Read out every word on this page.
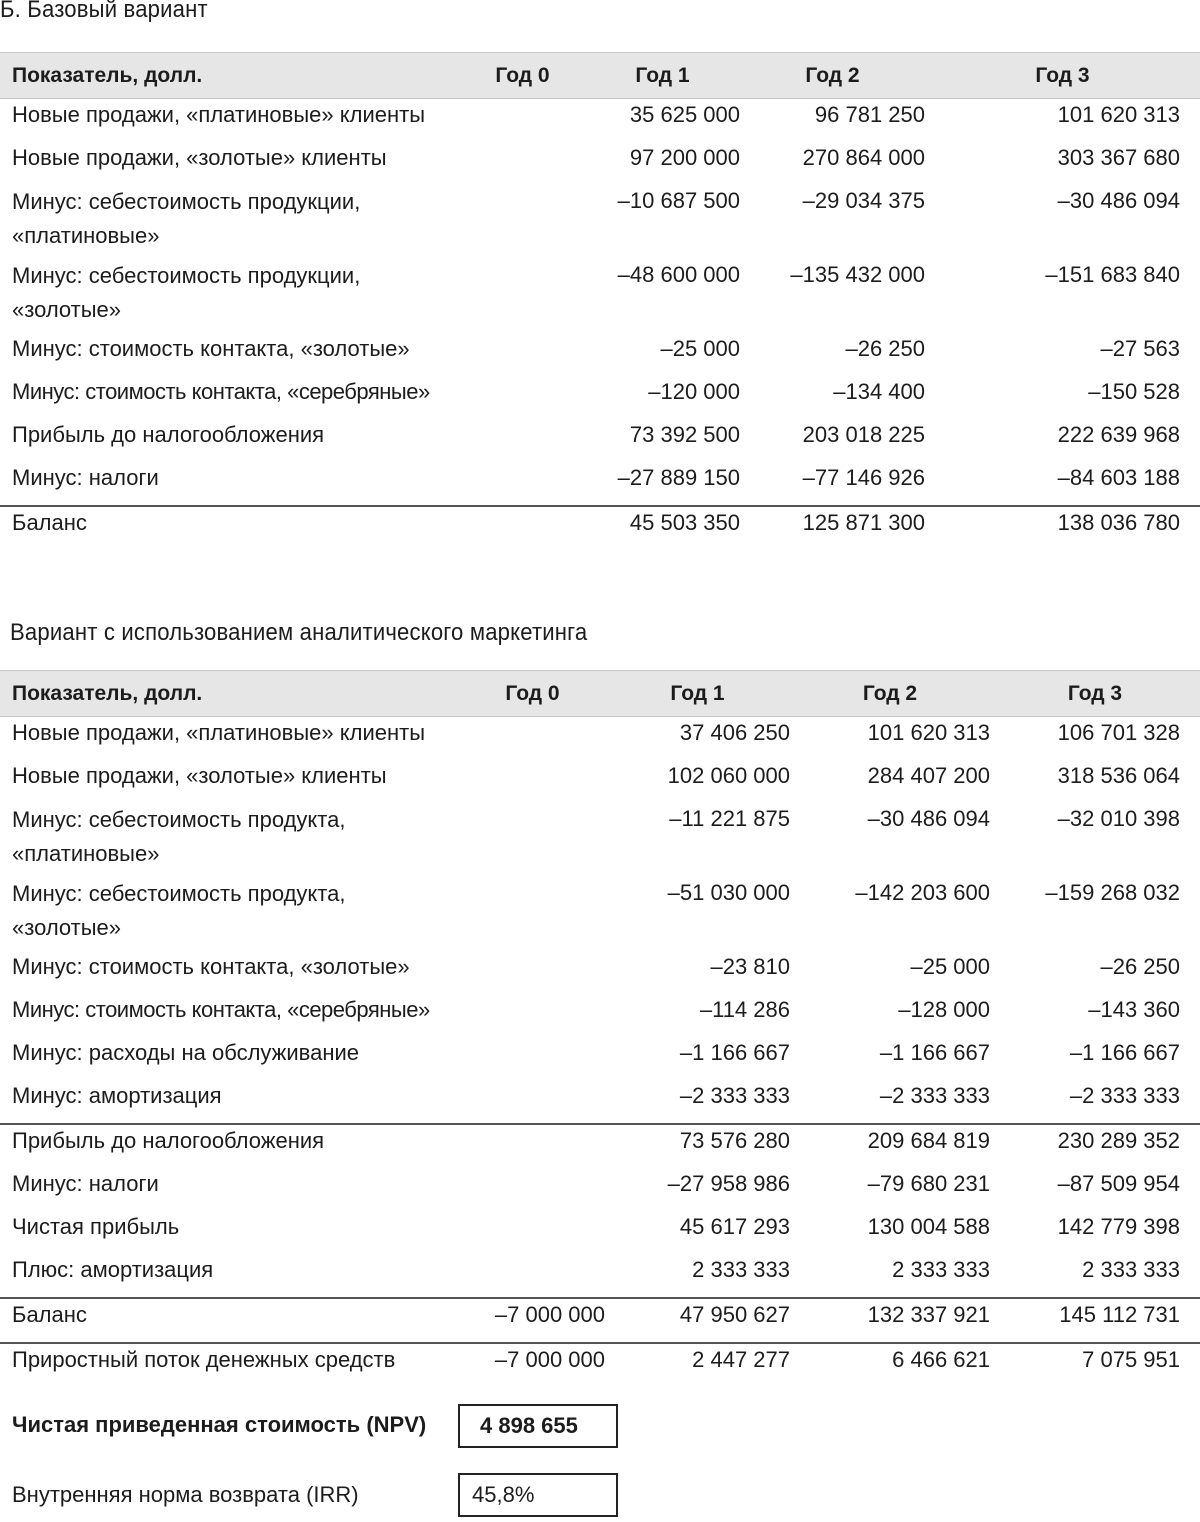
Б. Базовый вариант
Показатель, долл.	Год 0	Год 1	Год 2	Год 3
Новые продажи, «платиновые» клиенты		35 625 000	96 781 250	101 620 313
Новые продажи, «золотые» клиенты		97 200 000	270 864 000	303 367 680
Минус: себестоимость продукции, «платиновые»		–10 687 500	–29 034 375	–30 486 094
Минус: себестоимость продукции, «золотые»		–48 600 000	–135 432 000	–151 683 840
Минус: стоимость контакта, «золотые»		–25 000	–26 250	–27 563
Минус: стоимость контакта, «серебряные»		–120 000	–134 400	–150 528
Прибыль до налогообложения		73 392 500	203 018 225	222 639 968
Минус: налоги		–27 889 150	–77 146 926	–84 603 188
Баланс		45 503 350	125 871 300	138 036 780
Вариант с использованием аналитического маркетинга
Показатель, долл.	Год 0	Год 1	Год 2	Год 3
Новые продажи, «платиновые» клиенты		37 406 250	101 620 313	106 701 328
Новые продажи, «золотые» клиенты		102 060 000	284 407 200	318 536 064
Минус: себестоимость продукта, «платиновые»		–11 221 875	–30 486 094	–32 010 398
Минус: себестоимость продукта, «золотые»		–51 030 000	–142 203 600	–159 268 032
Минус: стоимость контакта, «золотые»		–23 810	–25 000	–26 250
Минус: стоимость контакта, «серебряные»		–114 286	–128 000	–143 360
Минус: расходы на обслуживание		–1 166 667	–1 166 667	–1 166 667
Минус: амортизация		–2 333 333	–2 333 333	–2 333 333
Прибыль до налогообложения		73 576 280	209 684 819	230 289 352
Минус: налоги		–27 958 986	–79 680 231	–87 509 954
Чистая прибыль		45 617 293	130 004 588	142 779 398
Плюс: амортизация		2 333 333	2 333 333	2 333 333
Баланс	–7 000 000	47 950 627	132 337 921	145 112 731
Приростный поток денежных средств	–7 000 000	2 447 277	6 466 621	7 075 951
Чистая приведенная стоимость (NPV)	4 898 655
Внутренняя норма возврата (IRR)	45,8%
